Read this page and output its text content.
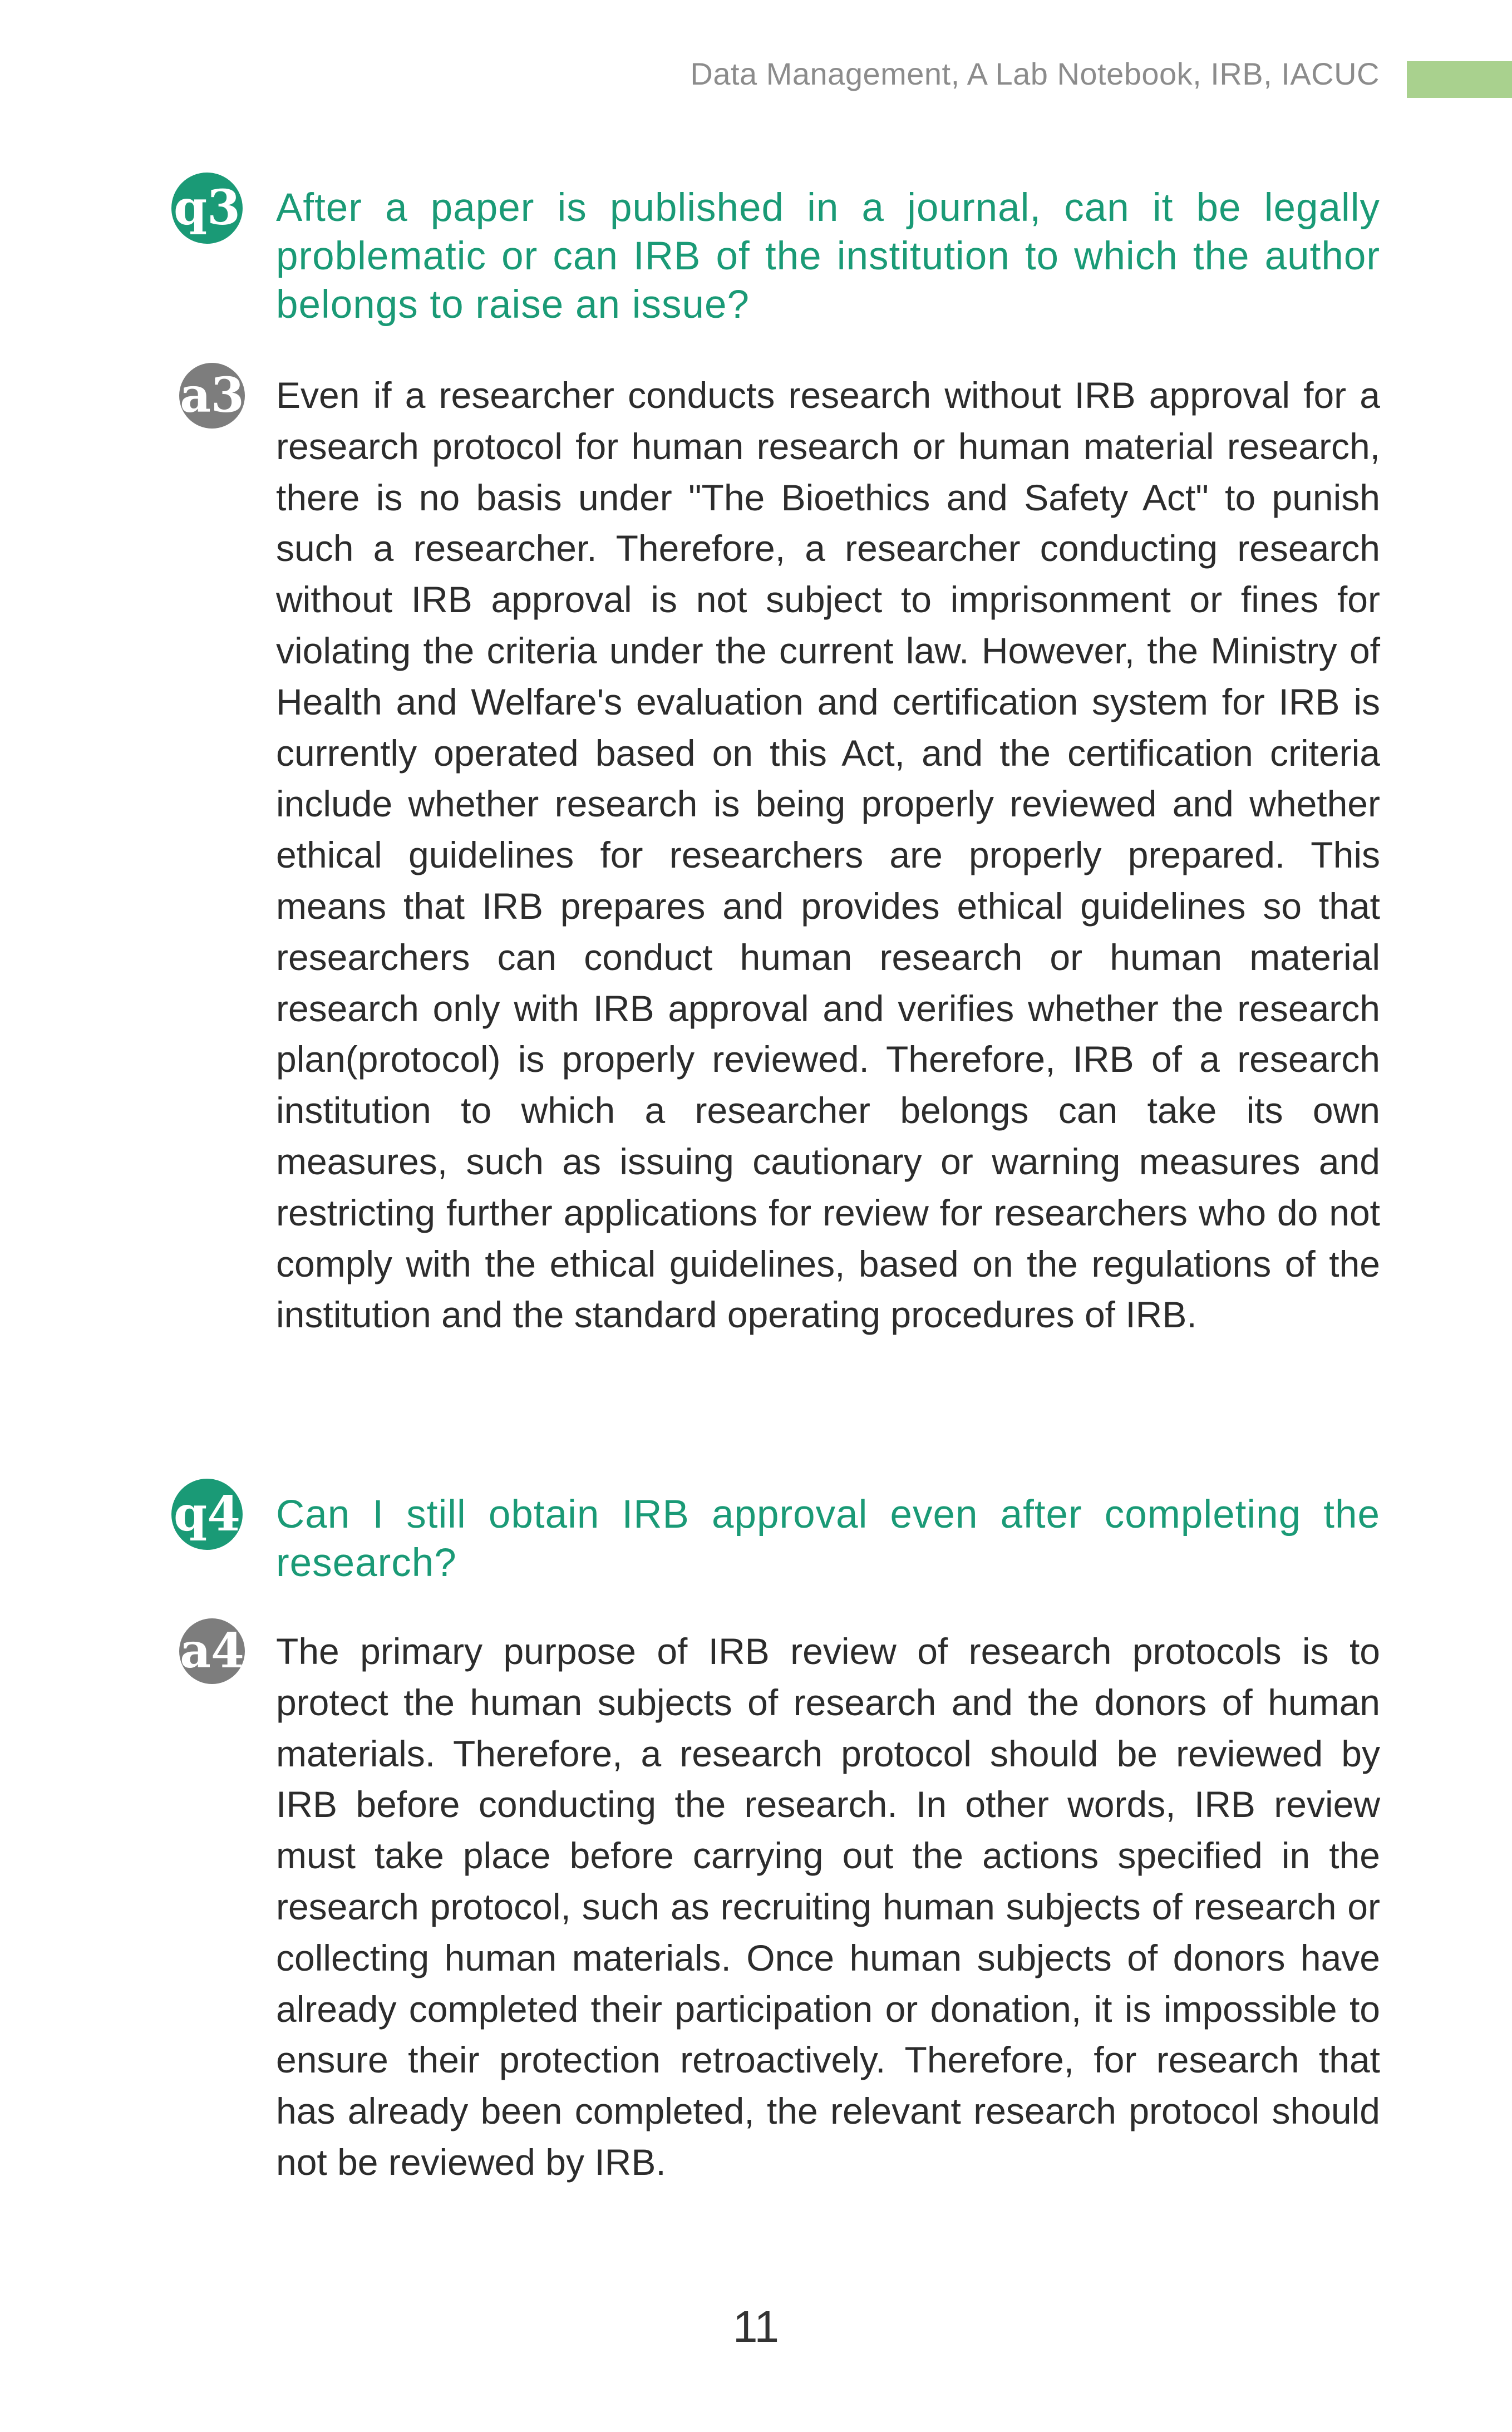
Data Management, A Lab Notebook, IRB, IACUC
q3 After a paper is published in a journal, can it be legally problematic or can IRB of the institution to which the author belongs to raise an issue?
a3 Even if a researcher conducts research without IRB approval for a research protocol for human research or human material research, there is no basis under "The Bioethics and Safety Act" to punish such a researcher. Therefore, a researcher conducting research without IRB approval is not subject to imprisonment or fines for violating the criteria under the current law. However, the Ministry of Health and Welfare's evaluation and certification system for IRB is currently operated based on this Act, and the certification criteria include whether research is being properly reviewed and whether ethical guidelines for researchers are properly prepared. This means that IRB prepares and provides ethical guidelines so that researchers can conduct human research or human material research only with IRB approval and verifies whether the research plan(protocol) is properly reviewed. Therefore, IRB of a research institution to which a researcher belongs can take its own measures, such as issuing cautionary or warning measures and restricting further applications for review for researchers who do not comply with the ethical guidelines, based on the regulations of the institution and the standard operating procedures of IRB.
q4 Can I still obtain IRB approval even after completing the research?
a4 The primary purpose of IRB review of research protocols is to protect the human subjects of research and the donors of human materials. Therefore, a research protocol should be reviewed by IRB before conducting the research. In other words, IRB review must take place before carrying out the actions specified in the research protocol, such as recruiting human subjects of research or collecting human materials. Once human subjects of donors have already completed their participation or donation, it is impossible to ensure their protection retroactively. Therefore, for research that has already been completed, the relevant research protocol should not be reviewed by IRB.
11
